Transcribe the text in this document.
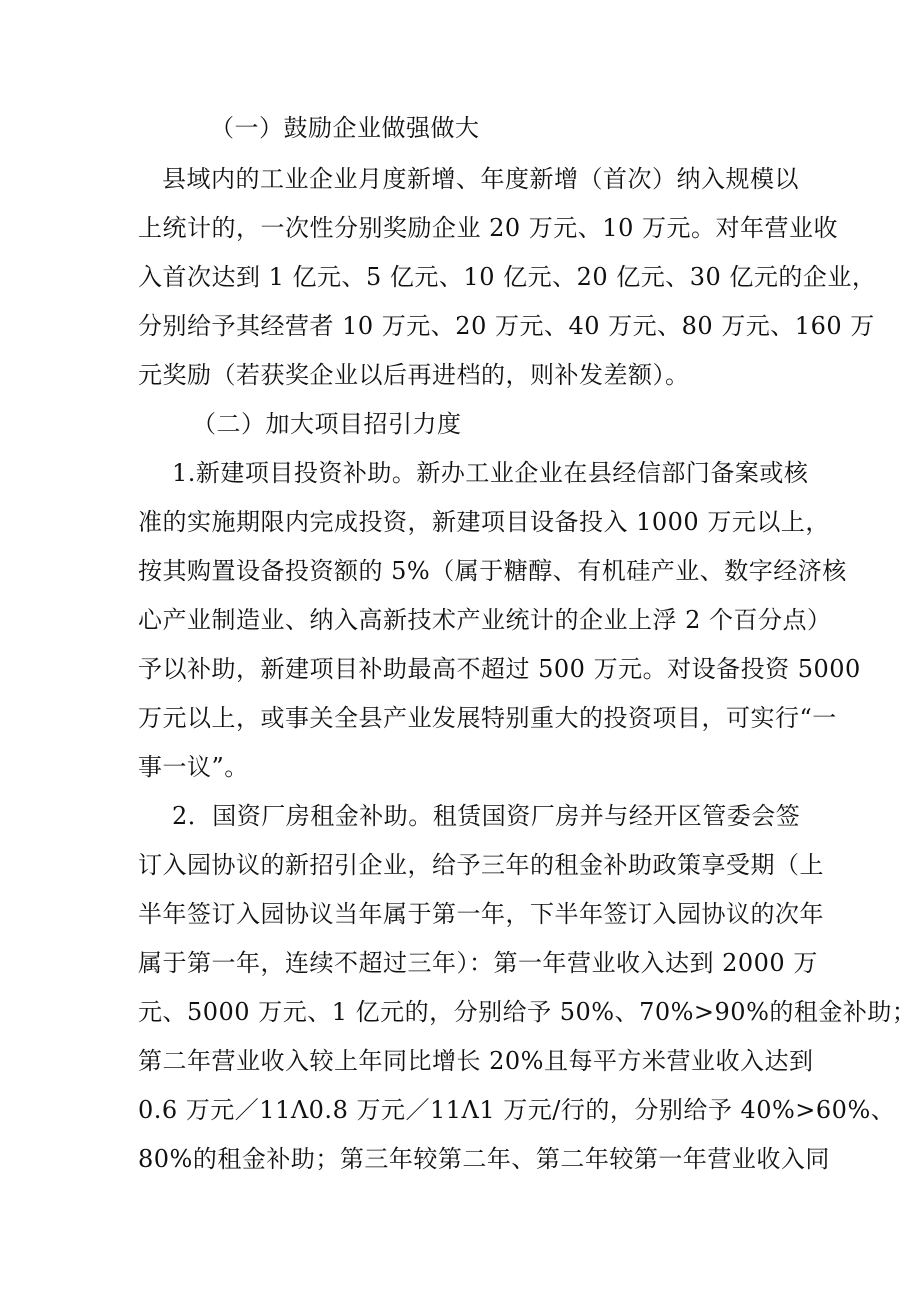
（一）鼓励企业做强做大
县域内的工业企业月度新增、年度新增（首次）纳入规模以
上统计的，一次性分别奖励企业 20 万元、10 万元。对年营业收
入首次达到 1 亿元、5 亿元、10 亿元、20 亿元、30 亿元的企业，
分别给予其经营者 10 万元、20 万元、40 万元、80 万元、160 万
元奖励（若获奖企业以后再进档的，则补发差额）。
（二）加大项目招引力度
1.新建项目投资补助。新办工业企业在县经信部门备案或核
准的实施期限内完成投资，新建项目设备投入 1000 万元以上，
按其购置设备投资额的 5%（属于糖醇、有机硅产业、数字经济核
心产业制造业、纳入高新技术产业统计的企业上浮 2 个百分点）
予以补助，新建项目补助最高不超过 500 万元。对设备投资 5000
万元以上，或事关全县产业发展特别重大的投资项目，可实行“一
事一议”。
2．国资厂房租金补助。租赁国资厂房并与经开区管委会签
订入园协议的新招引企业，给予三年的租金补助政策享受期（上
半年签订入园协议当年属于第一年，下半年签订入园协议的次年
属于第一年，连续不超过三年）：第一年营业收入达到 2000 万
元、5000 万元、1 亿元的，分别给予 50%、70%>90%的租金补助；
第二年营业收入较上年同比增长 20%且每平方米营业收入达到
0.6 万元／11Λ0.8 万元／11Λ1 万元/行的，分别给予 40%>60%、
80%的租金补助；第三年较第二年、第二年较第一年营业收入同
